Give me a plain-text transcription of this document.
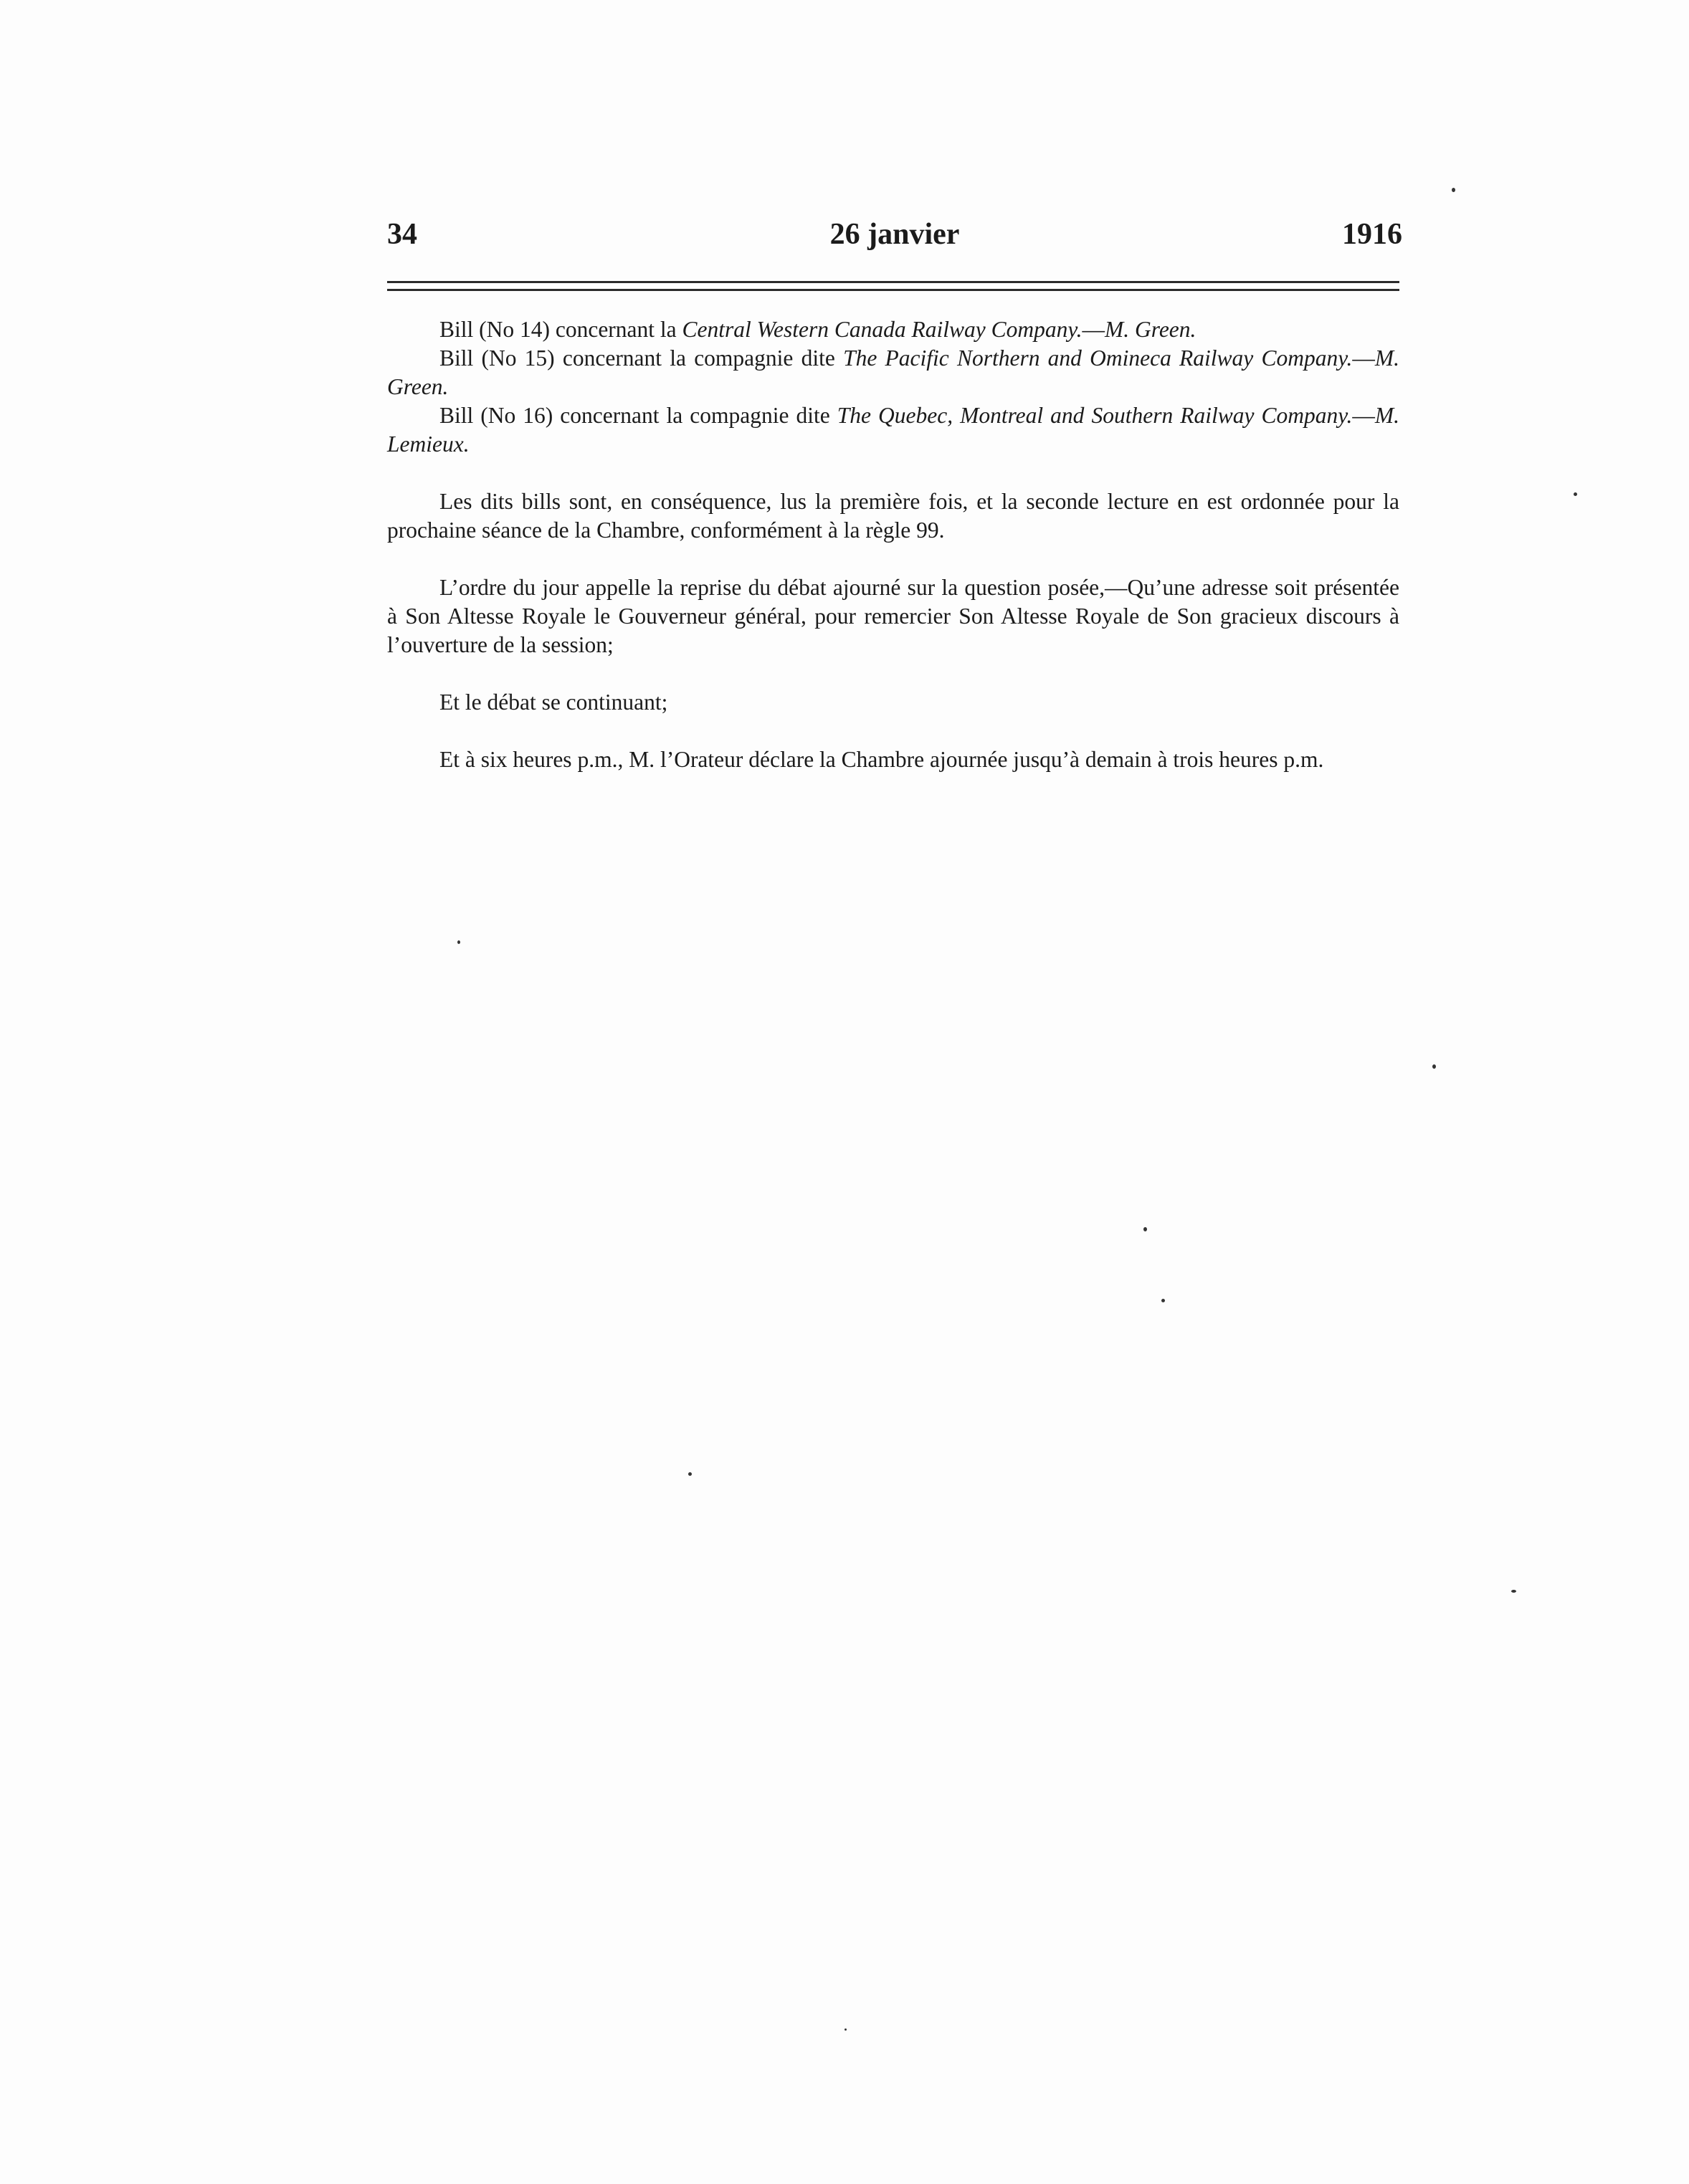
34	26 janvier	1916

Bill (No 14) concernant la Central Western Canada Railway Company.—M. Green.

Bill (No 15) concernant la compagnie dite The Pacific Northern and Omineca Railway Company.—M. Green.

Bill (No 16) concernant la compagnie dite The Quebec, Montreal and Southern Railway Company.—M. Lemieux.

Les dits bills sont, en conséquence, lus la première fois, et la seconde lecture en est ordonnée pour la prochaine séance de la Chambre, conformément à la règle 99.

L’ordre du jour appelle la reprise du débat ajourné sur la question posée,—Qu’une adresse soit présentée à Son Altesse Royale le Gouverneur général, pour remercier Son Altesse Royale de Son gracieux discours à l’ouverture de la session;

Et le débat se continuant;

Et à six heures p.m., M. l’Orateur déclare la Chambre ajournée jusqu’à demain à trois heures p.m.
